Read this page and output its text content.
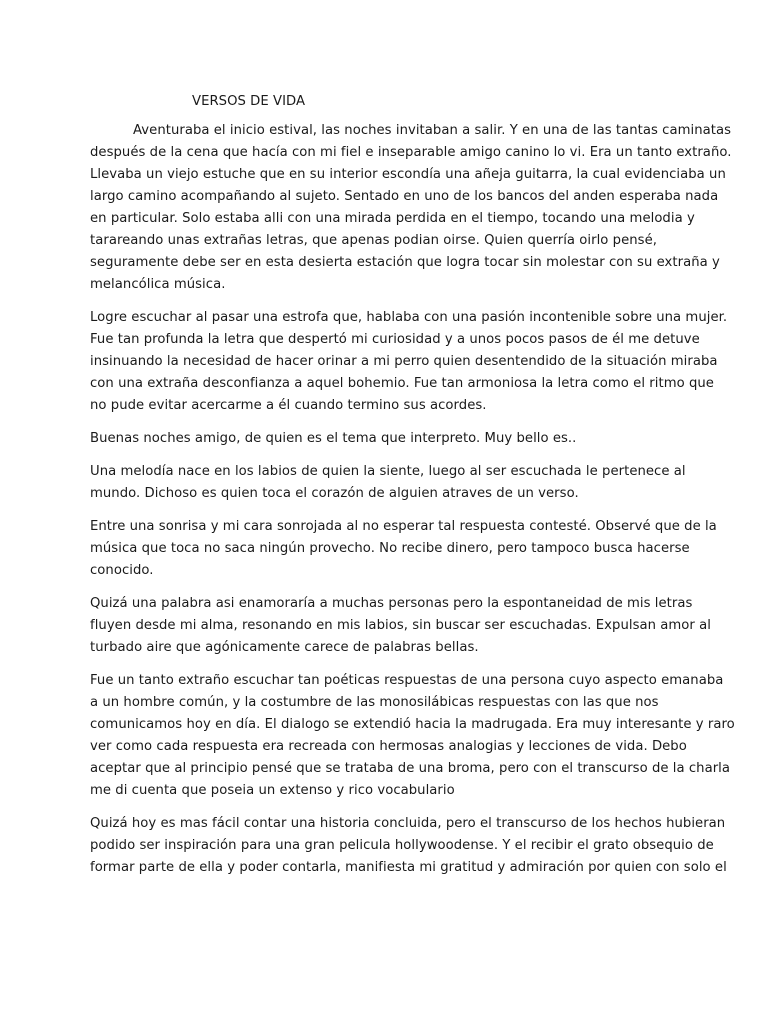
VERSOS DE VIDA
Aventuraba el inicio estival, las noches invitaban a salir. Y en una de las tantas caminatas
después de la cena que hacía con mi fiel e inseparable amigo canino lo vi. Era un tanto extraño.
Llevaba un viejo estuche que en su interior escondía una añeja guitarra, la cual evidenciaba un
largo camino acompañando al sujeto. Sentado en uno de los bancos del anden esperaba nada
en particular. Solo estaba alli con una mirada perdida en el tiempo, tocando una melodia y
tarareando unas extrañas letras, que apenas podian oirse. Quien querría oirlo pensé,
seguramente debe ser en esta desierta estación que logra tocar sin molestar con su extraña y
melancólica música.
Logre escuchar al pasar una estrofa que, hablaba con una pasión incontenible sobre una mujer.
Fue tan profunda la letra que despertó mi curiosidad y a unos pocos pasos de él me detuve
insinuando la necesidad de hacer orinar a mi perro quien desentendido de la situación miraba
con una extraña desconfianza a aquel bohemio. Fue tan armoniosa la letra como el ritmo que
no pude evitar acercarme a él cuando termino sus acordes.
Buenas noches amigo, de quien es el tema que interpreto. Muy bello es..
Una melodía nace en los labios de quien la siente, luego al ser escuchada le pertenece al
mundo. Dichoso es quien toca el corazón de alguien atraves de un verso.
Entre una sonrisa y mi cara sonrojada al no esperar tal respuesta contesté. Observé que de la
música que toca no saca ningún provecho. No recibe dinero, pero tampoco busca hacerse
conocido.
Quizá una palabra asi enamoraría a muchas personas pero la espontaneidad de mis letras
fluyen desde mi alma, resonando en mis labios, sin buscar ser escuchadas. Expulsan amor al
turbado aire que agónicamente carece de palabras bellas.
Fue un tanto extraño escuchar tan poéticas respuestas de una persona cuyo aspecto emanaba
a un hombre común, y la costumbre de las monosilábicas respuestas con las que nos
comunicamos hoy en día. El dialogo se extendió hacia la madrugada. Era muy interesante y raro
ver como cada respuesta era recreada con hermosas analogias y lecciones de vida. Debo
aceptar que al principio pensé que se trataba de una broma, pero con el transcurso de la charla
me di cuenta que poseia un extenso y rico vocabulario
Quizá hoy es mas fácil contar una historia concluida, pero el transcurso de los hechos hubieran
podido ser inspiración para una gran pelicula hollywoodense. Y el recibir el grato obsequio de
formar parte de ella y poder contarla, manifiesta mi gratitud y admiración por quien con solo el
